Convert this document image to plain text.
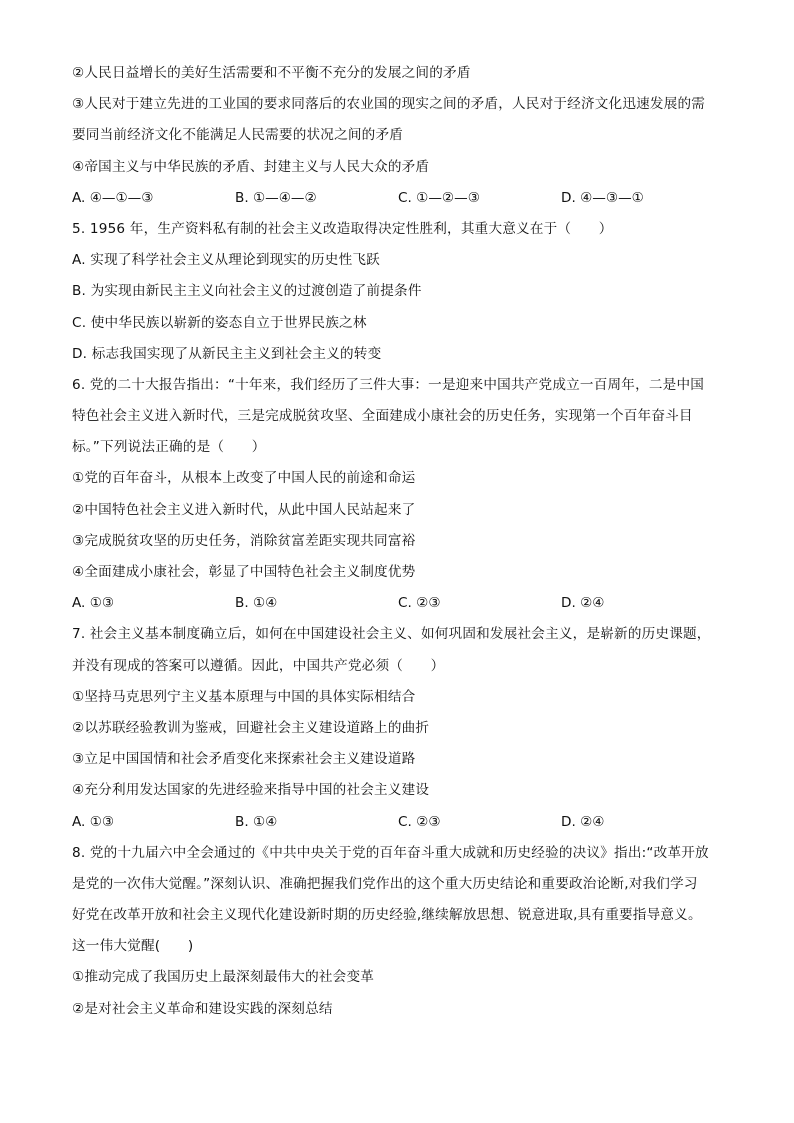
②人民日益增长的美好生活需要和不平衡不充分的发展之间的矛盾
③人民对于建立先进的工业国的要求同落后的农业国的现实之间的矛盾，人民对于经济文化迅速发展的需
要同当前经济文化不能满足人民需要的状况之间的矛盾
④帝国主义与中华民族的矛盾、封建主义与人民大众的矛盾
A. ④—①—③	B. ①—④—②	C. ①—②—③	D. ④—③—①
5. 1956 年，生产资料私有制的社会主义改造取得决定性胜利，其重大意义在于（　　）
A. 实现了科学社会主义从理论到现实的历史性飞跃
B. 为实现由新民主主义向社会主义的过渡创造了前提条件
C. 使中华民族以崭新的姿态自立于世界民族之林
D. 标志我国实现了从新民主主义到社会主义的转变
6. 党的二十大报告指出：“十年来，我们经历了三件大事：一是迎来中国共产党成立一百周年，二是中国
特色社会主义进入新时代，三是完成脱贫攻坚、全面建成小康社会的历史任务，实现第一个百年奋斗目
标。”下列说法正确的是（　　）
①党的百年奋斗，从根本上改变了中国人民的前途和命运
②中国特色社会主义进入新时代，从此中国人民站起来了
③完成脱贫攻坚的历史任务，消除贫富差距实现共同富裕
④全面建成小康社会，彰显了中国特色社会主义制度优势
A. ①③	B. ①④	C. ②③	D. ②④
7. 社会主义基本制度确立后，如何在中国建设社会主义、如何巩固和发展社会主义，是崭新的历史课题，
并没有现成的答案可以遵循。因此，中国共产党必须（　　）
①坚持马克思列宁主义基本原理与中国的具体实际相结合
②以苏联经验教训为鉴戒，回避社会主义建设道路上的曲折
③立足中国国情和社会矛盾变化来探索社会主义建设道路
④充分利用发达国家的先进经验来指导中国的社会主义建设
A. ①③	B. ①④	C. ②③	D. ②④
8. 党的十九届六中全会通过的《中共中央关于党的百年奋斗重大成就和历史经验的决议》指出:“改革开放
是党的一次伟大觉醒。”深刻认识、准确把握我们党作出的这个重大历史结论和重要政治论断,对我们学习
好党在改革开放和社会主义现代化建设新时期的历史经验,继续解放思想、锐意进取,具有重要指导意义。
这一伟大觉醒(　　)
①推动完成了我国历史上最深刻最伟大的社会变革
②是对社会主义革命和建设实践的深刻总结
